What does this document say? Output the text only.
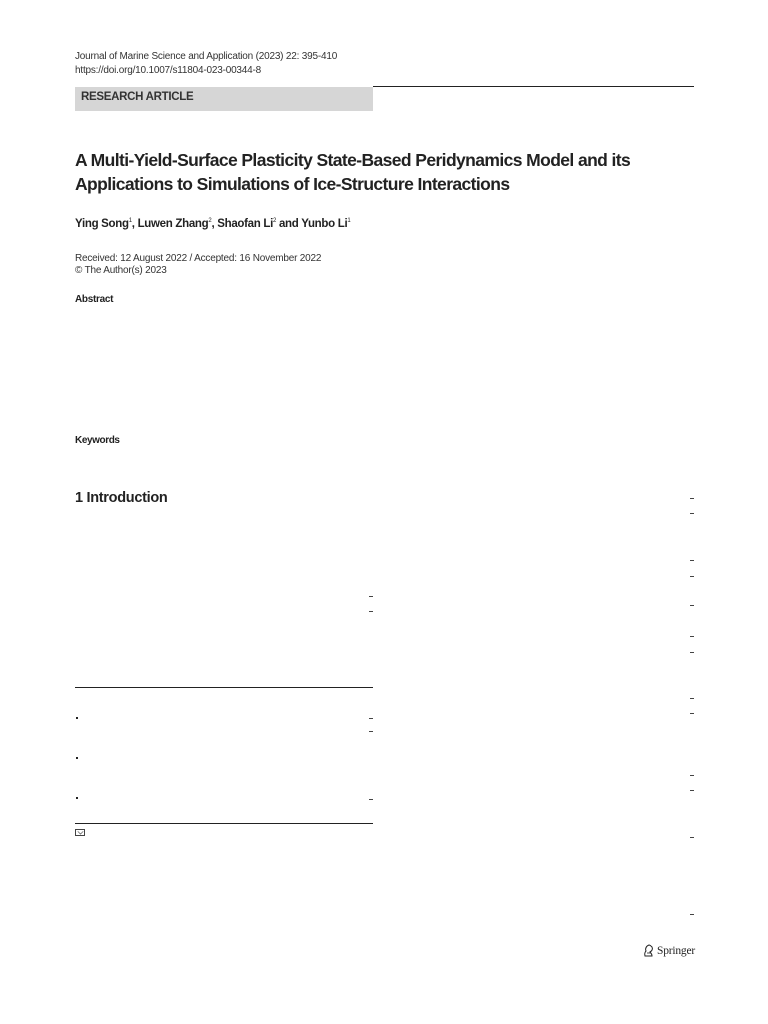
Journal of Marine Science and Application (2023) 22: 395-410
https://doi.org/10.1007/s11804-023-00344-8
RESEARCH ARTICLE
A Multi-Yield-Surface Plasticity State-Based Peridynamics Model and its Applications to Simulations of Ice-Structure Interactions
Ying Song$^1$, Luwen Zhang$^2$, Shaofan Li$^2$ and Yunbo Li$^1$
Received: 12 August 2022 / Accepted: 16 November 2022
© The Author(s) 2023
Abstract
Keywords
1 Introduction
Springer
